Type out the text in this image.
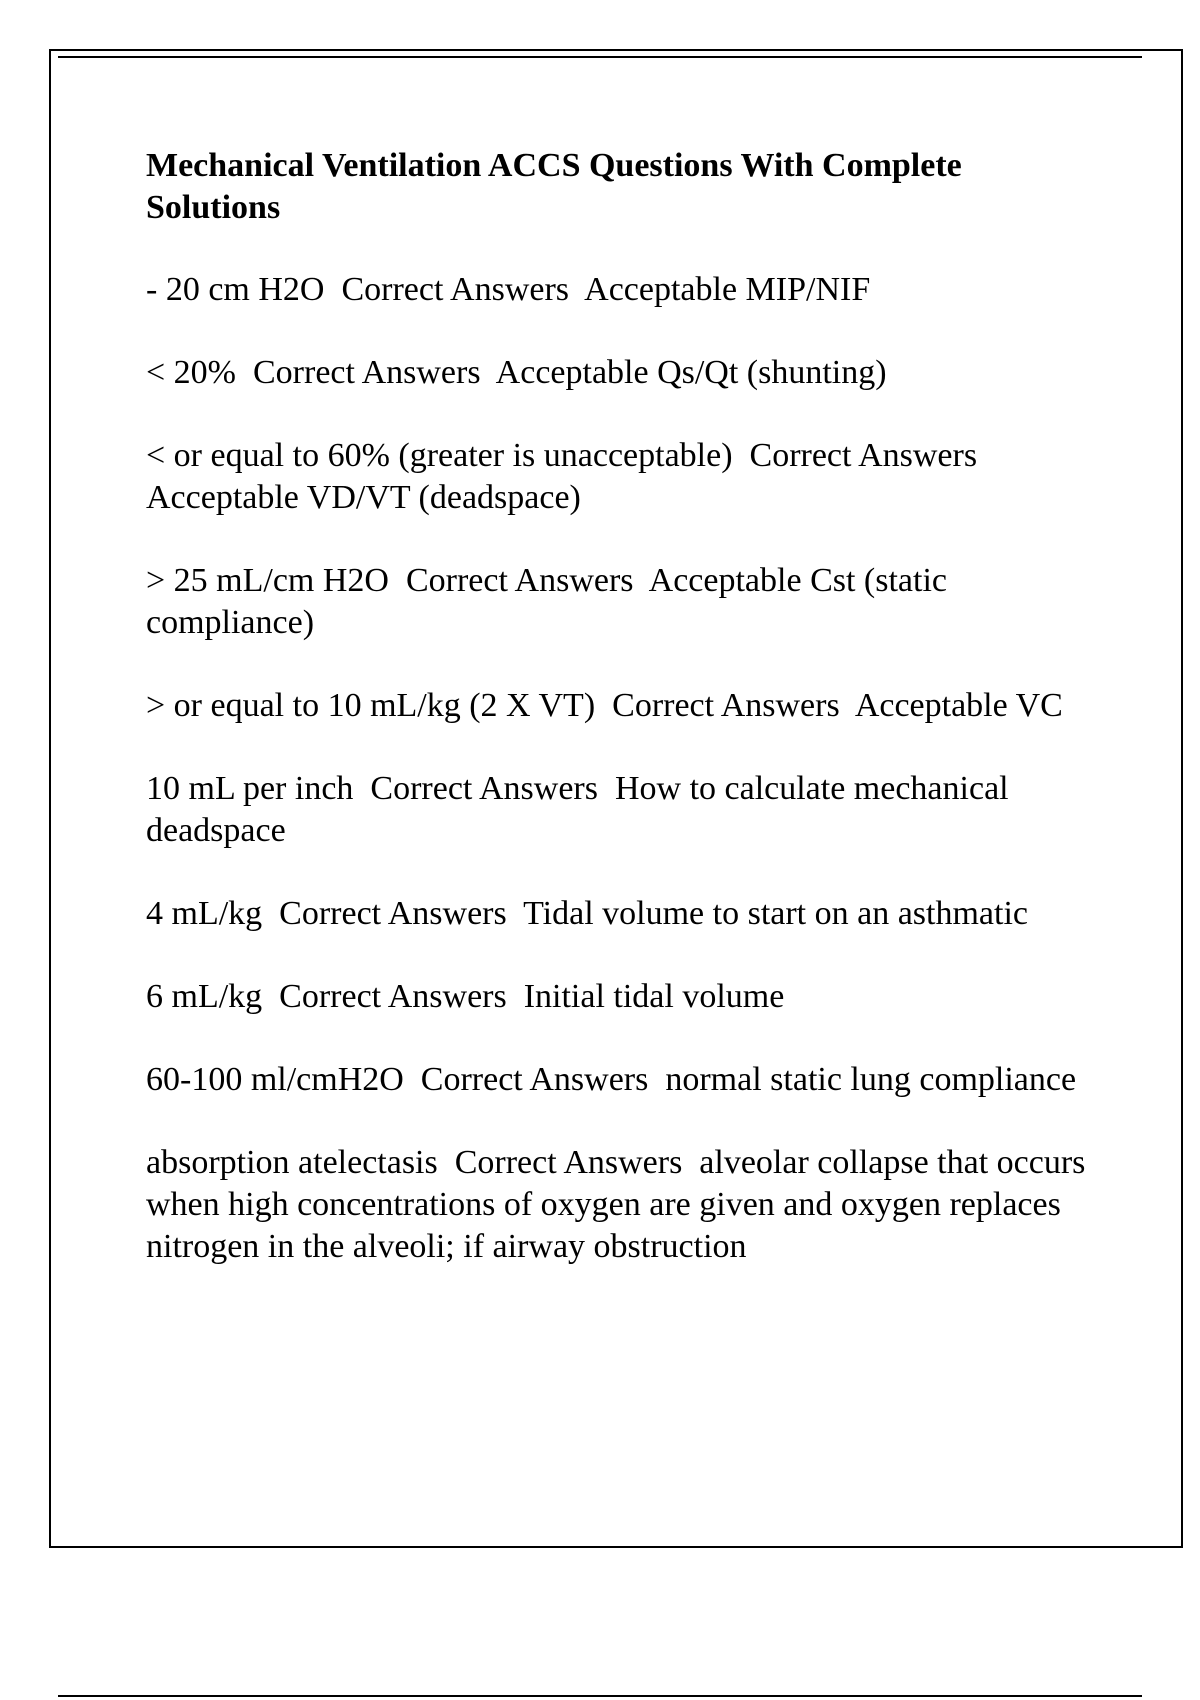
Mechanical Ventilation ACCS Questions With Complete Solutions
- 20 cm H2O  Correct Answers  Acceptable MIP/NIF
< 20%  Correct Answers  Acceptable Qs/Qt (shunting)
< or equal to 60% (greater is unacceptable)  Correct Answers  Acceptable VD/VT (deadspace)
> 25 mL/cm H2O  Correct Answers  Acceptable Cst (static compliance)
> or equal to 10 mL/kg (2 X VT)  Correct Answers  Acceptable VC
10 mL per inch  Correct Answers  How to calculate mechanical deadspace
4 mL/kg  Correct Answers  Tidal volume to start on an asthmatic
6 mL/kg  Correct Answers  Initial tidal volume
60-100 ml/cmH2O  Correct Answers  normal static lung compliance
absorption atelectasis  Correct Answers  alveolar collapse that occurs when high concentrations of oxygen are given and oxygen replaces nitrogen in the alveoli; if airway obstruction
